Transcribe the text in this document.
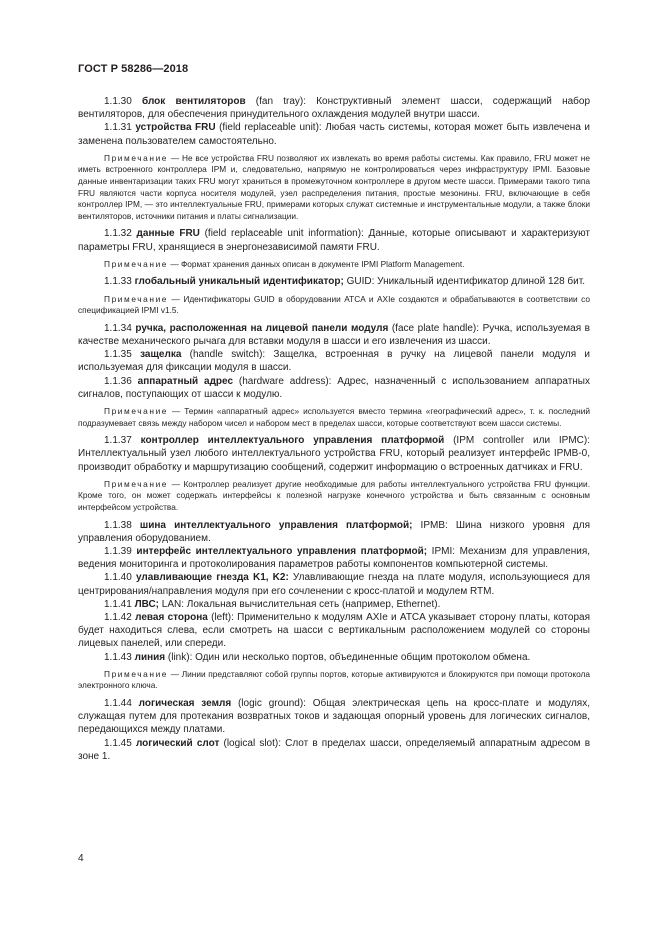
ГОСТ Р 58286—2018

1.1.30 блок вентиляторов (fan tray): Конструктивный элемент шасси, содержащий набор вентиляторов, для обеспечения принудительного охлаждения модулей внутри шасси.

1.1.31 устройства FRU (field replaceable unit): Любая часть системы, которая может быть извлечена и заменена пользователем самостоятельно.

Примечание — Не все устройства FRU позволяют их извлекать во время работы системы. Как правило, FRU может не иметь встроенного контроллера IPM и, следовательно, напрямую не контролироваться через инфраструктуру IPMI. Базовые данные инвентаризации таких FRU могут храниться в промежуточном контроллере в другом месте шасси. Примерами такого типа FRU являются части корпуса носителя модулей, узел распределения питания, простые мезонины. FRU, включающие в себя контроллер IPM, — это интеллектуальные FRU, примерами которых служат системные и инструментальные модули, а также блоки вентиляторов, источники питания и платы сигнализации.

1.1.32 данные FRU (field replaceable unit information): Данные, которые описывают и характеризуют параметры FRU, хранящиеся в энергонезависимой памяти FRU.

Примечание — Формат хранения данных описан в документе IPMI Platform Management.

1.1.33 глобальный уникальный идентификатор; GUID: Уникальный идентификатор длиной 128 бит.

Примечание — Идентификаторы GUID в оборудовании ATCA и AXIe создаются и обрабатываются в соответствии со спецификацией IPMI v1.5.

1.1.34 ручка, расположенная на лицевой панели модуля (face plate handle): Ручка, используемая в качестве механического рычага для вставки модуля в шасси и его извлечения из шасси.

1.1.35 защелка (handle switch): Защелка, встроенная в ручку на лицевой панели модуля и используемая для фиксации модуля в шасси.

1.1.36 аппаратный адрес (hardware address): Адрес, назначенный с использованием аппаратных сигналов, поступающих от шасси к модулю.

Примечание — Термин «аппаратный адрес» используется вместо термина «географический адрес», т. к. последний подразумевает связь между набором чисел и набором мест в пределах шасси, которые соответствуют всем шасси системы.

1.1.37 контроллер интеллектуального управления платформой (IPM controller или IPMC): Интеллектуальный узел любого интеллектуального устройства FRU, который реализует интерфейс IPMB-0, производит обработку и маршрутизацию сообщений, содержит информацию о встроенных датчиках и FRU.

Примечание — Контроллер реализует другие необходимые для работы интеллектуального устройства FRU функции. Кроме того, он может содержать интерфейсы к полезной нагрузке конечного устройства и быть связанным с основным интерфейсом устройства.

1.1.38 шина интеллектуального управления платформой; IPMB: Шина низкого уровня для управления оборудованием.

1.1.39 интерфейс интеллектуального управления платформой; IPMI: Механизм для управления, ведения мониторинга и протоколирования параметров работы компонентов компьютерной системы.

1.1.40 улавливающие гнезда K1, K2: Улавливающие гнезда на плате модуля, использующиеся для центрирования/направления модуля при его сочленении с кросс-платой и модулем RTM.

1.1.41 ЛВС; LAN: Локальная вычислительная сеть (например, Ethernet).

1.1.42 левая сторона (left): Применительно к модулям AXIe и ATCA указывает сторону платы, которая будет находиться слева, если смотреть на шасси с вертикальным расположением модулей со стороны лицевых панелей, или спереди.

1.1.43 линия (link): Один или несколько портов, объединенные общим протоколом обмена.

Примечание — Линии представляют собой группы портов, которые активируются и блокируются при помощи протокола электронного ключа.

1.1.44 логическая земля (logic ground): Общая электрическая цепь на кросс-плате и модулях, служащая путем для протекания возвратных токов и задающая опорный уровень для логических сигналов, передающихся между платами.

1.1.45 логический слот (logical slot): Слот в пределах шасси, определяемый аппаратным адресом в зоне 1.

4
